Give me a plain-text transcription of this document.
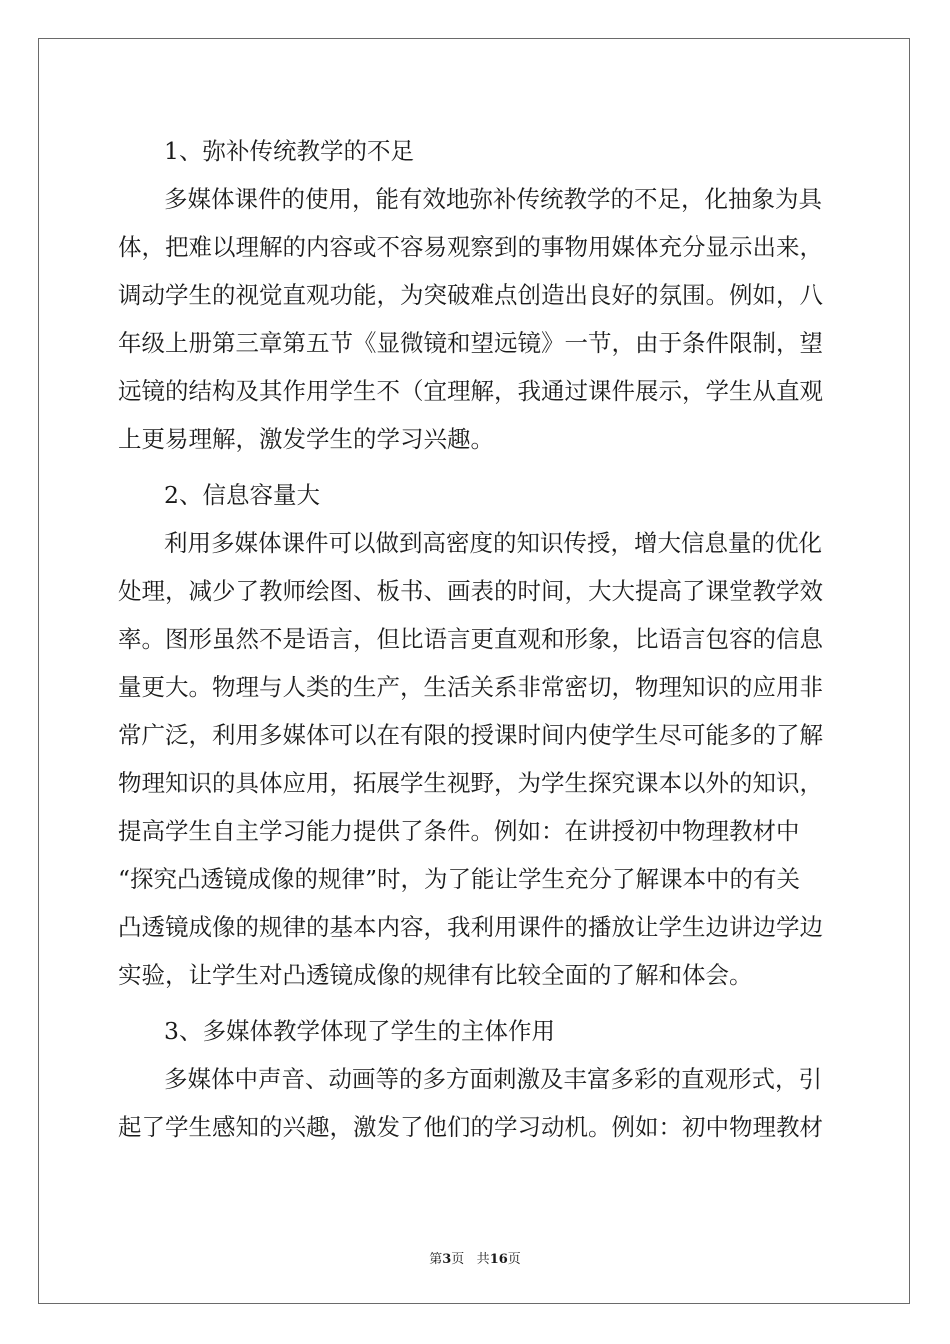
1、弥补传统教学的不足
多媒体课件的使用，能有效地弥补传统教学的不足，化抽象为具
体，把难以理解的内容或不容易观察到的事物用媒体充分显示出来，
调动学生的视觉直观功能，为突破难点创造出良好的氛围。例如，八
年级上册第三章第五节《显微镜和望远镜》一节，由于条件限制，望
远镜的结构及其作用学生不（宜理解，我通过课件展示，学生从直观
上更易理解，激发学生的学习兴趣。
2、信息容量大
利用多媒体课件可以做到高密度的知识传授，增大信息量的优化
处理，减少了教师绘图、板书、画表的时间，大大提高了课堂教学效
率。图形虽然不是语言，但比语言更直观和形象，比语言包容的信息
量更大。物理与人类的生产，生活关系非常密切，物理知识的应用非
常广泛，利用多媒体可以在有限的授课时间内使学生尽可能多的了解
物理知识的具体应用，拓展学生视野，为学生探究课本以外的知识，
提高学生自主学习能力提供了条件。例如：在讲授初中物理教材中
“探究凸透镜成像的规律”时，为了能让学生充分了解课本中的有关
凸透镜成像的规律的基本内容，我利用课件的播放让学生边讲边学边
实验，让学生对凸透镜成像的规律有比较全面的了解和体会。
3、多媒体教学体现了学生的主体作用
多媒体中声音、动画等的多方面刺激及丰富多彩的直观形式，引
起了学生感知的兴趣，激发了他们的学习动机。例如：初中物理教材
第3页 共16页
